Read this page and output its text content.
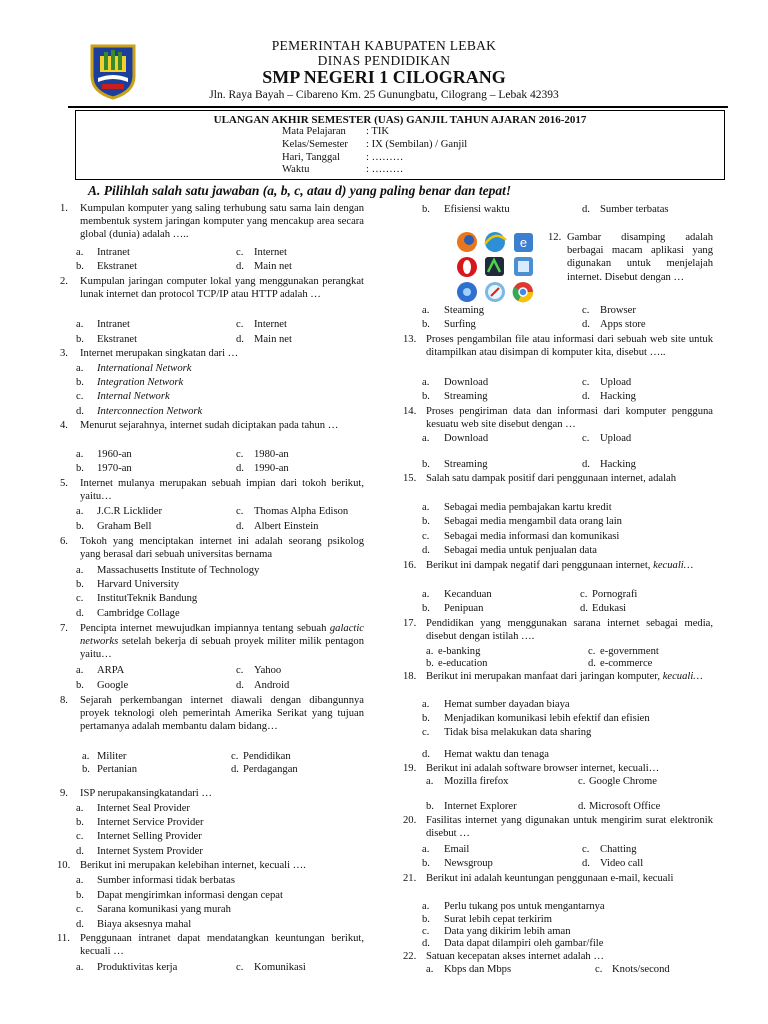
PEMERINTAH KABUPATEN LEBAK
DINAS PENDIDIKAN
SMP NEGERI 1 CILOGRANG
Jln. Raya Bayah – Cibareno Km. 25 Gunungbatu, Cilograng – Lebak 42393
ULANGAN AKHIR SEMESTER (UAS) GANJIL TAHUN AJARAN 2016-2017
Mata Pelajaran : TIK
Kelas/Semester : IX (Sembilan) / Ganjil
Hari, Tanggal : ………
Waktu	: ………
A. Pilihlah salah satu jawaban (a, b, c, atau d) yang paling benar dan tepat!
1. Kumpulan komputer yang saling terhubung satu sama lain dengan membentuk system jaringan komputer yang mencakup area secara global (dunia) adalah …..
a. Intranet	c. Internet
b. Ekstranet	d. Main net
2. Kumpulan jaringan computer lokal yang menggunakan perangkat lunak internet dan protocol TCP/IP atau HTTP adalah …
a. Intranet	c. Internet
b. Ekstranet	d. Main net
3. Internet merupakan singkatan dari …
a. International Network
b. Integration Network
c. Internal Network
d. Interconnection Network
4. Menurut sejarahnya, internet sudah diciptakan pada tahun …
a. 1960-an	c. 1980-an
b. 1970-an	d. 1990-an
5. Internet mulanya merupakan sebuah impian dari tokoh berikut, yaitu…
a. J.C.R Licklider	c. Thomas Alpha Edison
b. Graham Bell	d. Albert Einstein
6. Tokoh yang menciptakan internet ini adalah seorang psikolog yang berasal dari sebuah universitas bernama
a. Massachusetts Institute of Technology
b. Harvard University
c. InstitutTeknik Bandung
d. Cambridge Collage
7. Pencipta internet mewujudkan impiannya tentang sebuah galactic networks setelah bekerja di sebuah proyek militer milik pentagon yaitu…
a. ARPA	c. Yahoo
b. Google	d. Android
8. Sejarah perkembangan internet diawali dengan dibangunnya proyek teknologi oleh pemerintah Amerika Serikat yang tujuan pertamanya adalah membantu dalam bidang…
a. Militer	c. Pendidikan
b. Pertanian	d. Perdagangan
9. ISP nerupakansingkatandari …
a. Internet Seal Provider
b. Internet Service Provider
c. Internet Selling Provider
d. Internet System Provider
10. Berikut ini merupakan kelebihan internet, kecuali ….
a. Sumber informasi tidak berbatas
b. Dapat mengirimkan informasi dengan cepat
c. Sarana komunikasi yang murah
d. Biaya aksesnya mahal
11. Penggunaan intranet dapat mendatangkan keuntungan berikut, kecuali …
a. Produktivitas kerja	c. Komunikasi
b. Efisiensi waktu	d. Sumber terbatas
e 12. Gambar disamping adalah berbagai macam aplikasi yang digunakan untuk menjelajah internet. Disebut dengan …
a. Steaming	c. Browser
b. Surfing	d. Apps store
13. Proses pengambilan file atau informasi dari sebuah web site untuk ditampilkan atau disimpan di komputer kita, disebut …..
a. Download	c. Upload
b. Streaming	d. Hacking
14. Proses pengiriman data dan informasi dari komputer pengguna kesuatu web site disebut dengan …
a. Download	c. Upload
b. Streaming	d. Hacking
15. Salah satu dampak positif dari penggunaan internet, adalah
a. Sebagai media pembajakan kartu kredit
b. Sebagai media mengambil data orang lain
c. Sebagai media informasi dan komunikasi
d. Sebagai media untuk penjualan data
16. Berikut ini dampak negatif dari penggunaan internet, kecuali…
a. Kecanduan	c. Pornografi
b. Penipuan	d. Edukasi
17. Pendidikan yang menggunakan sarana internet sebagai media, disebut dengan istilah ….
a. e-banking	c. e-government
b. e-education	d. e-commerce
18. Berikut ini merupakan manfaat dari jaringan komputer, kecuali…
a. Hemat sumber dayadan biaya
b. Menjadikan komunikasi lebih efektif dan efisien
c. Tidak bisa melakukan data sharing
d. Hemat waktu dan tenaga
19. Berikut ini adalah software browser internet, kecuali…
a. Mozilla firefox	c. Google Chrome
b. Internet Explorer	d. Microsoft Office
20. Fasilitas internet yang digunakan untuk mengirim surat elektronik disebut …
a. Email	c. Chatting
b. Newsgroup	d. Video call
21. Berikut ini adalah keuntungan penggunaan e-mail, kecuali
a. Perlu tukang pos untuk mengantarnya
b. Surat lebih cepat terkirim
c. Data yang dikirim lebih aman
d. Data dapat dilampiri oleh gambar/file
22. Satuan kecepatan akses internet adalah …
a. Kbps dan Mbps	c. Knots/second
